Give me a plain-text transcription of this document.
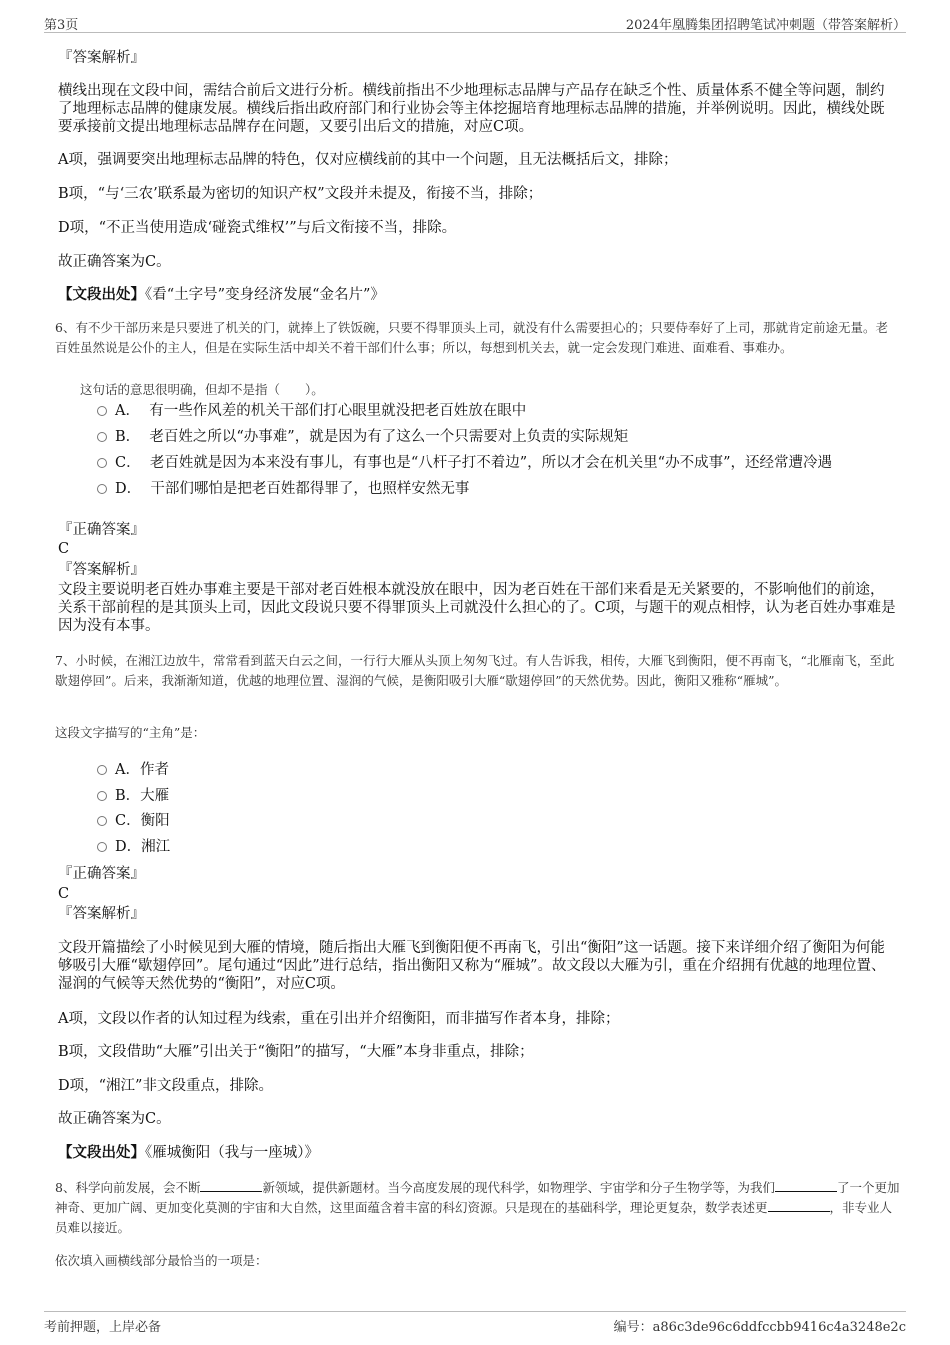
第3页	2024年凰腾集团招聘笔试冲刺题（带答案解析）
『答案解析』
横线出现在文段中间，需结合前后文进行分析。横线前指出不少地理标志品牌与产品存在缺乏个性、质量体系不健全等问题，制约了地理标志品牌的健康发展。横线后指出政府部门和行业协会等主体挖掘培育地理标志品牌的措施，并举例说明。因此，横线处既要承接前文提出地理标志品牌存在问题，又要引出后文的措施，对应C项。
A项，强调要突出地理标志品牌的特色，仅对应横线前的其中一个问题，且无法概括后文，排除；
B项，“与‘三农’联系最为密切的知识产权”文段并未提及，衔接不当，排除；
D项，“不正当使用造成‘碰瓷式维权’”与后文衔接不当，排除。
故正确答案为C。
【文段出处】《看“土字号”变身经济发展“金名片”》
6、有不少干部历来是只要进了机关的门，就捧上了铁饭碗，只要不得罪顶头上司，就没有什么需要担心的；只要侍奉好了上司，那就肯定前途无量。老百姓虽然说是公仆的主人，但是在实际生活中却关不着干部们什么事；所以，每想到机关去，就一定会发现门难进、面难看、事难办。
这句话的意思很明确，但却不是指（　　）。
A． 有一些作风差的机关干部们打心眼里就没把老百姓放在眼中
B． 老百姓之所以“办事难”，就是因为有了这么一个只需要对上负责的实际规矩
C． 老百姓就是因为本来没有事儿，有事也是“八杆子打不着边”，所以才会在机关里“办不成事”，还经常遭冷遇
D． 干部们哪怕是把老百姓都得罪了，也照样安然无事
『正确答案』
C
『答案解析』
文段主要说明老百姓办事难主要是干部对老百姓根本就没放在眼中，因为老百姓在干部们来看是无关紧要的，不影响他们的前途，关系干部前程的是其顶头上司，因此文段说只要不得罪顶头上司就没什么担心的了。C项，与题干的观点相悖，认为老百姓办事难是因为没有本事。
7、小时候，在湘江边放牛，常常看到蓝天白云之间，一行行大雁从头顶上匆匆飞过。有人告诉我，相传，大雁飞到衡阳，便不再南飞，“北雁南飞，至此歇翅停回”。后来，我渐渐知道，优越的地理位置、湿润的气候，是衡阳吸引大雁“歇翅停回”的天然优势。因此，衡阳又雅称“雁城”。
这段文字描写的“主角”是：
A．作者
B．大雁
C．衡阳
D．湘江
『正确答案』
C
『答案解析』
文段开篇描绘了小时候见到大雁的情境，随后指出大雁飞到衡阳便不再南飞，引出“衡阳”这一话题。接下来详细介绍了衡阳为何能够吸引大雁“歇翅停回”。尾句通过“因此”进行总结，指出衡阳又称为“雁城”。故文段以大雁为引，重在介绍拥有优越的地理位置、湿润的气候等天然优势的“衡阳”，对应C项。
A项，文段以作者的认知过程为线索，重在引出并介绍衡阳，而非描写作者本身，排除；
B项，文段借助“大雁”引出关于“衡阳”的描写，“大雁”本身非重点，排除；
D项，“湘江”非文段重点，排除。
故正确答案为C。
【文段出处】《雁城衡阳（我与一座城）》
8、科学向前发展，会不断	新领域，提供新题材。当今高度发展的现代科学，如物理学、宇宙学和分子生物学等，为我们	了一个更加神奇、更加广阔、更加变化莫测的宇宙和大自然，这里面蕴含着丰富的科幻资源。只是现在的基础科学，理论更复杂，数学表述更	，非专业人员难以接近。
依次填入画横线部分最恰当的一项是：
考前押题，上岸必备	编号：a86c3de96c6ddfccbb9416c4a3248e2c
